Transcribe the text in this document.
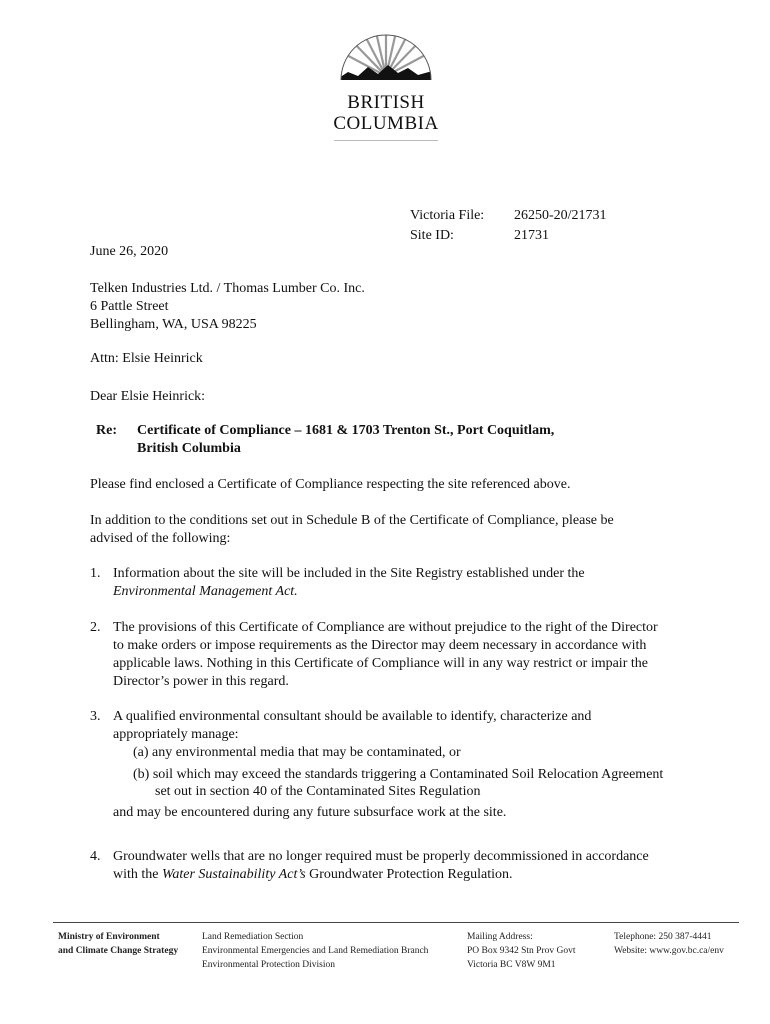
BRITISH
COLUMBIA
Victoria File: 26250-20/21731
Site ID:	21731
June 26, 2020
Telken Industries Ltd. / Thomas Lumber Co. Inc.
6 Pattle Street
Bellingham, WA, USA 98225
Attn: Elsie Heinrick
Dear Elsie Heinrick:
Re: Certificate of Compliance – 1681 & 1703 Trenton St., Port Coquitlam,
British Columbia
Please find enclosed a Certificate of Compliance respecting the site referenced above.
In addition to the conditions set out in Schedule B of the Certificate of Compliance, please be
advised of the following:
1. Information about the site will be included in the Site Registry established under the
Environmental Management Act.
2. The provisions of this Certificate of Compliance are without prejudice to the right of the Director
to make orders or impose requirements as the Director may deem necessary in accordance with
applicable laws. Nothing in this Certificate of Compliance will in any way restrict or impair the
Director’s power in this regard.
3. A qualified environmental consultant should be available to identify, characterize and
appropriately manage:
(a) any environmental media that may be contaminated, or
(b) soil which may exceed the standards triggering a Contaminated Soil Relocation Agreement
set out in section 40 of the Contaminated Sites Regulation
and may be encountered during any future subsurface work at the site.
4. Groundwater wells that are no longer required must be properly decommissioned in accordance
with the Water Sustainability Act’s Groundwater Protection Regulation.
Ministry of Environment
and Climate Change Strategy
Land Remediation Section
Environmental Emergencies and Land Remediation Branch
Environmental Protection Division
Mailing Address:
PO Box 9342 Stn Prov Govt
Victoria BC V8W 9M1
Telephone: 250 387-4441
Website: www.gov.bc.ca/env
